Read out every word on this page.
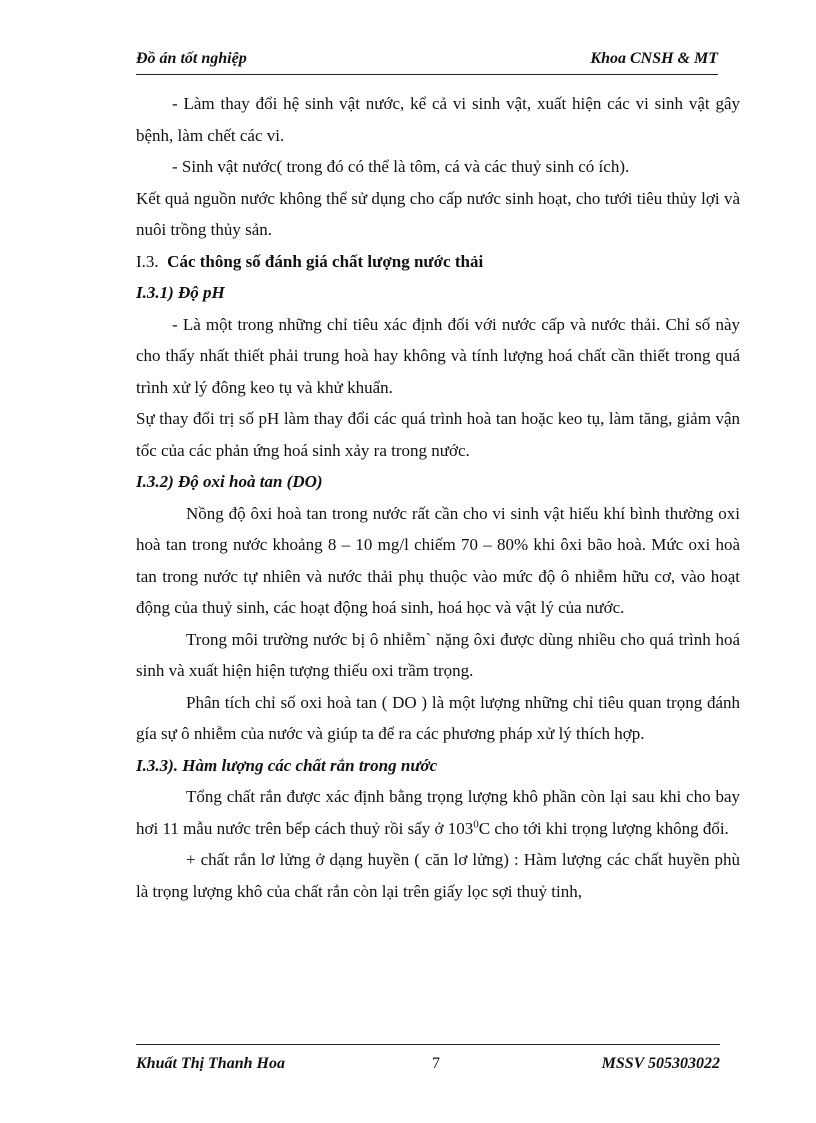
Đồ án tốt nghiệp	Khoa CNSH & MT

- Làm thay đổi hệ sinh vật nước, kể cả vi sinh vật, xuất hiện các vi sinh vật gây bệnh, làm chết các vi.

- Sinh vật nước( trong đó có thể là tôm, cá và các thuỷ sinh có ích).

Kết quả nguồn nước không thể sử dụng cho cấp nước sinh hoạt, cho tưới tiêu thủy lợi và nuôi trồng thủy sản.

I.3. Các thông số đánh giá chất lượng nước thải

I.3.1) Độ pH

- Là một trong những chỉ tiêu xác định đối với nước cấp và nước thải. Chỉ số này cho thấy nhất thiết phải trung hoà hay không và tính lượng hoá chất cần thiết trong quá trình xử lý đông keo tụ và khử khuẩn.

Sự thay đổi trị số pH làm thay đổi các quá trình hoà tan hoặc keo tụ, làm tăng, giảm vận tốc của các phản ứng hoá sinh xảy ra trong nước.

I.3.2) Độ oxi hoà tan (DO)

Nồng độ ôxi hoà tan trong nước rất cần cho vi sinh vật hiếu khí bình thường oxi hoà tan trong nước khoảng 8 – 10 mg/l chiếm 70 – 80% khi ôxi bão hoà. Mức oxi hoà tan trong nước tự nhiên và nước thải phụ thuộc vào mức độ ô nhiễm hữu cơ, vào hoạt động của thuỷ sinh, các hoạt động hoá sinh, hoá học và vật lý của nước.

Trong môi trường nước bị ô nhiễm` nặng ôxi được dùng nhiều cho quá trình hoá sinh và xuất hiện hiện tượng thiếu oxi trầm trọng.

Phân tích chỉ số oxi hoà tan ( DO ) là một lượng những chỉ tiêu quan trọng đánh gía sự ô nhiễm của nước và giúp ta để ra các phương pháp xử lý thích hợp.

I.3.3). Hàm lượng các chất rắn trong nước

Tổng chất rắn được xác định bằng trọng lượng khô phần còn lại sau khi cho bay hơi 11 mẫu nước trên bếp cách thuỷ rồi sấy ở $103^0C$ cho tới khi trọng lượng không đổi.

+ chất rắn lơ lửng ở dạng huyền ( căn lơ lửng) : Hàm lượng các chất huyền phù là trọng lượng khô của chất rắn còn lại trên giấy lọc sợi thuỷ tinh,

Khuất Thị Thanh Hoa	7	MSSV 505303022
